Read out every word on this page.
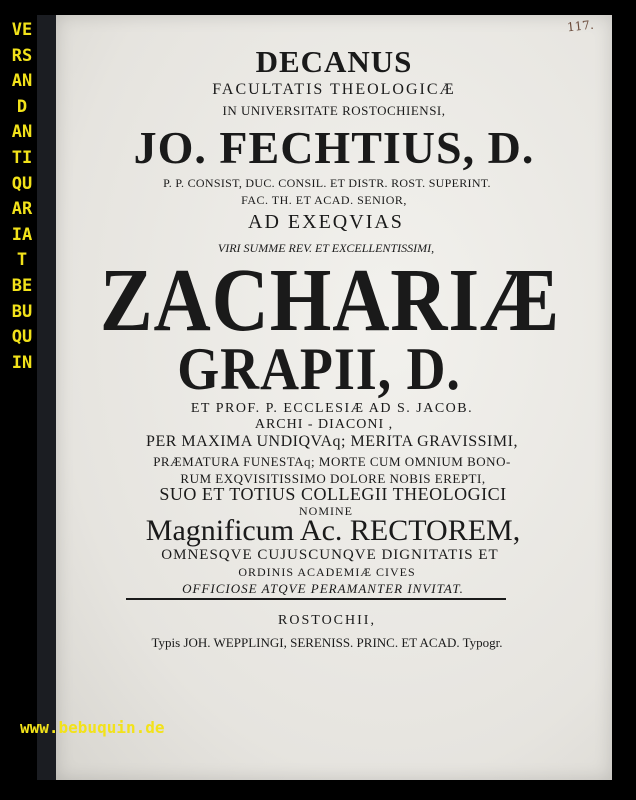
VERSAND ANTIQUARIAT BEBUQUIN
117.
DECANUS
FACULTATIS THEOLOGICÆ
IN UNIVERSITATE ROSTOCHIENSI,
JO. FECHTIUS, D.
P. P. CONSIST, DUC. CONSIL. ET DISTR. ROST. SUPERINT.
FAC. TH. ET ACAD. SENIOR,
AD EXEQVIAS
VIRI SUMME REV. ET EXCELLENTISSIMI,
ZACHARIÆ
GRAPII, D.
ET PROF. P. ECCLESIÆ AD S. JACOB.
ARCHI - DIACONI ,
PER MAXIMA UNDIQVAq; MERITA GRAVISSIMI,
PRÆMATURA FUNESTAq; MORTE CUM OMNIUM BONO-
RUM EXQVISITISSIMO DOLORE NOBIS EREPTI,
SUO ET TOTIUS COLLEGII THEOLOGICI
NOMINE
Magnificum Ac. RECTOREM,
OMNESQVE CUJUSCUNQVE DIGNITATIS ET
ORDINIS ACADEMIÆ CIVES
OFFICIOSE ATQVE PERAMANTER INVITAT.
ROSTOCHII,
Typis JOH. WEPPLINGI, SERENISS. PRINC. ET ACAD. Typogr.
www.bebuquin.de
